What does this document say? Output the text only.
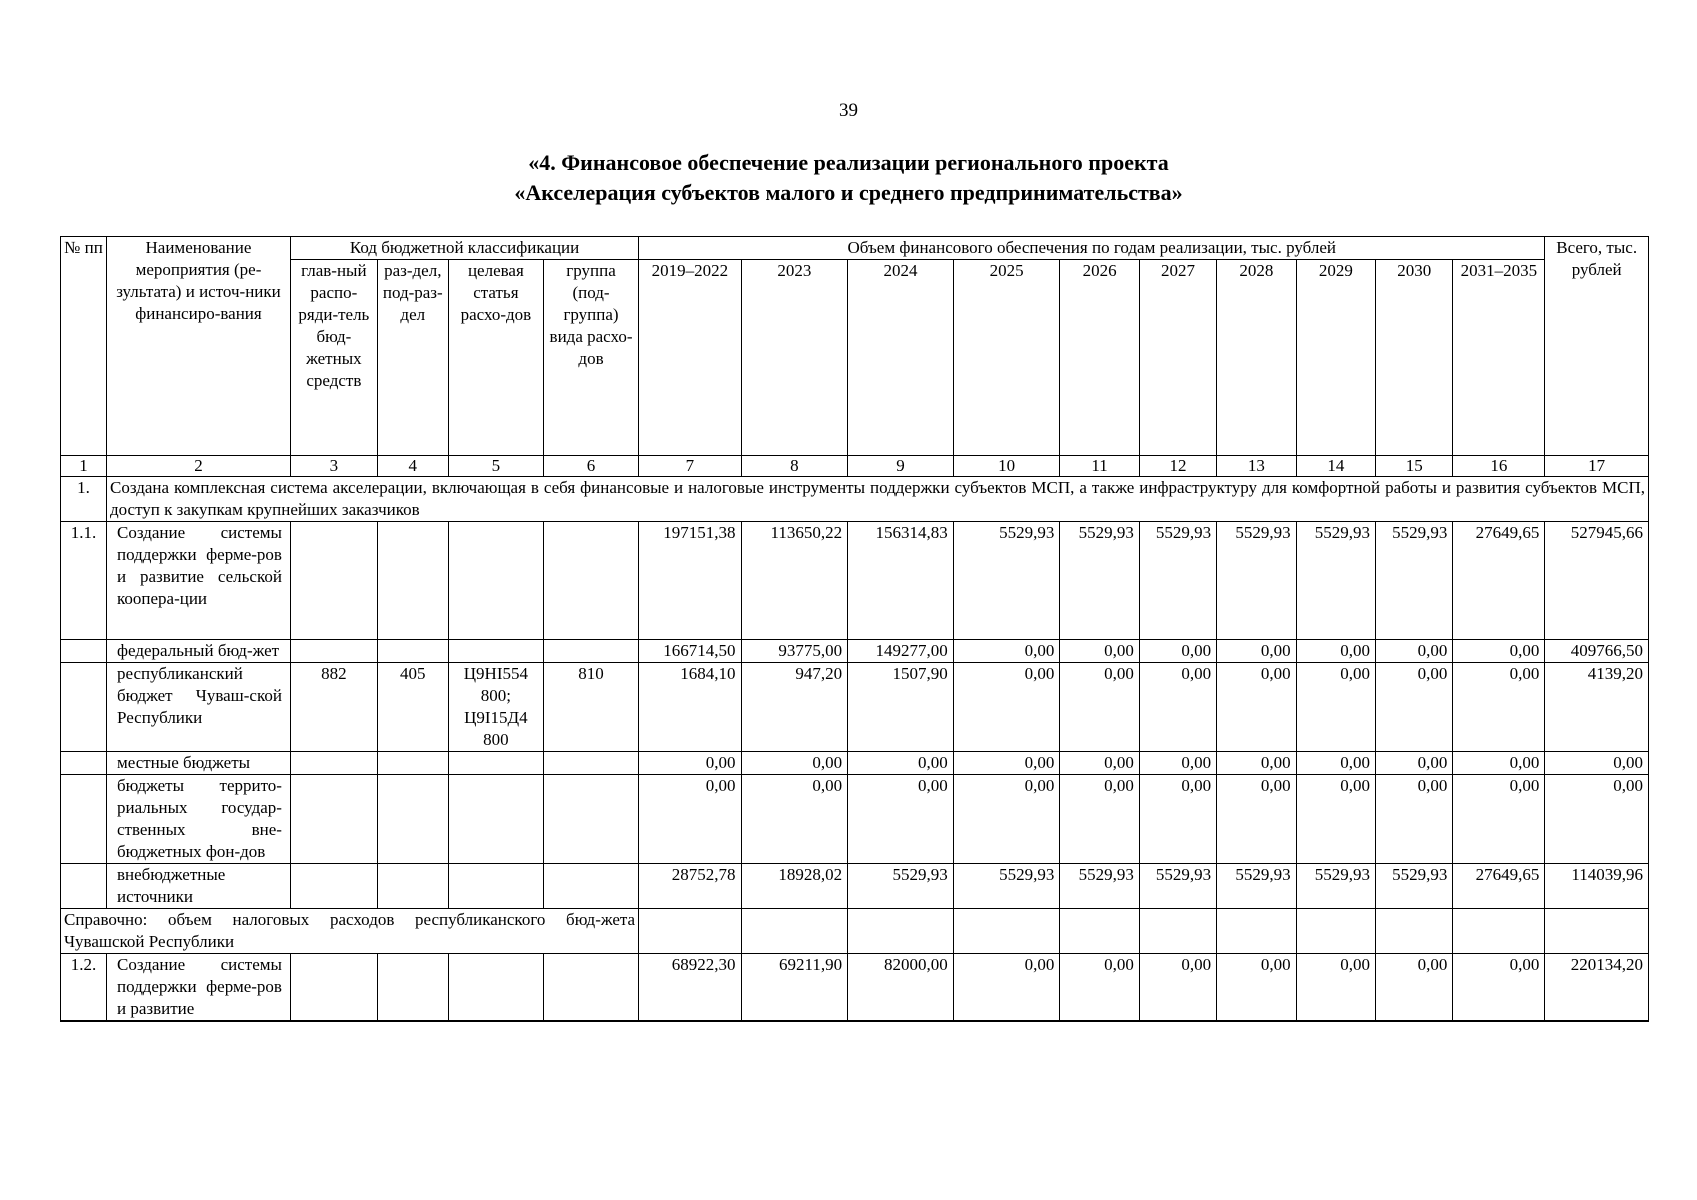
39
«4. Финансовое обеспечение реализации регионального проекта
«Акселерация субъектов малого и среднего предпринимательства»
№ пп	Наименование мероприятия (ре-зультата) и источ-ники финансиро-вания	Код бюджетной классификации				Объем финансового обеспечения по годам реализации, тыс. рублей										Всего, тыс. рублей
		глав-ный распо-ряди-тель бюд-жетных средств	раз-дел, под-раз-дел	целевая статья расхо-дов	группа (под-группа) вида расхо-дов	2019–2022	2023	2024	2025	2026	2027	2028	2029	2030	2031–2035	
1	2	3	4	5	6	7	8	9	10	11	12	13	14	15	16	17
1.	Создана комплексная система акселерации, включающая в себя финансовые и налоговые инструменты поддержки субъектов МСП, а также инфраструктуру для комфортной работы и развития субъектов МСП, доступ к закупкам крупнейших заказчиков															
1.1.	Создание системы поддержки ферме-ров и развитие сельской коопера-ции					197151,38	113650,22	156314,83	5529,93	5529,93	5529,93	5529,93	5529,93	5529,93	27649,65	527945,66
	федеральный бюд-жет					166714,50	93775,00	149277,00	0,00	0,00	0,00	0,00	0,00	0,00	0,00	409766,50
	республиканский бюджет Чуваш-ской Республики	882	405	Ц9НI554 800; Ц9I15Д4 800	810	1684,10	947,20	1507,90	0,00	0,00	0,00	0,00	0,00	0,00	0,00	4139,20
	местные бюджеты					0,00	0,00	0,00	0,00	0,00	0,00	0,00	0,00	0,00	0,00	0,00
	бюджеты террито-риальных государ-ственных вне-бюджетных фон-дов					0,00	0,00	0,00	0,00	0,00	0,00	0,00	0,00	0,00	0,00	0,00
	внебюджетные источники					28752,78	18928,02	5529,93	5529,93	5529,93	5529,93	5529,93	5529,93	5529,93	27649,65	114039,96
Справочно: объем налоговых расходов республиканского бюд-жета Чувашской Республики																
1.2.	Создание системы поддержки ферме-ров и развитие					68922,30	69211,90	82000,00	0,00	0,00	0,00	0,00	0,00	0,00	0,00	220134,20
